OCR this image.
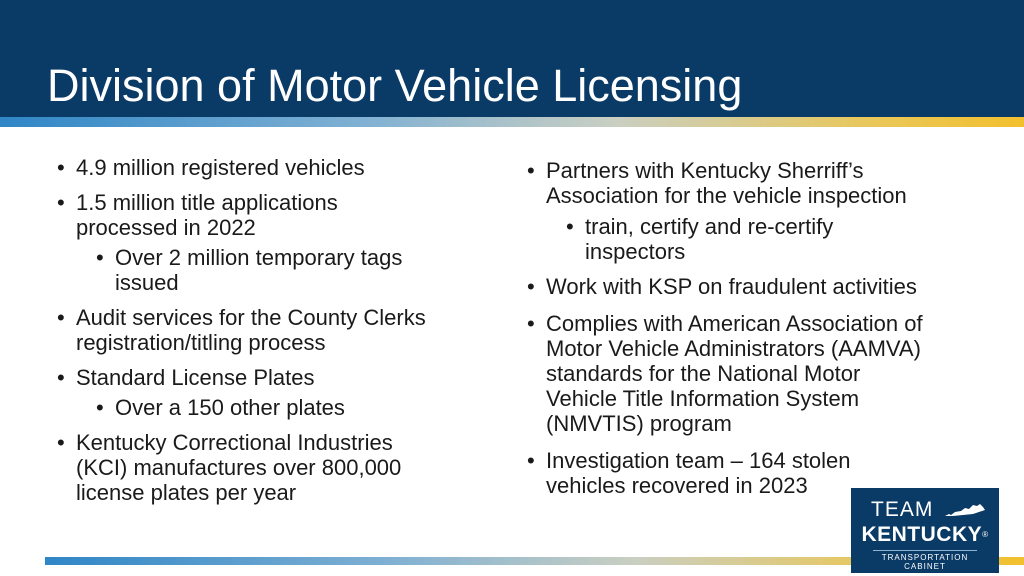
Division of Motor Vehicle Licensing
• 4.9 million registered vehicles
• 1.5 million title applications
processed in 2022
• Over 2 million temporary tags
issued
• Audit services for the County Clerks
registration/titling process
• Standard License Plates
• Over a 150 other plates
• Kentucky Correctional Industries
(KCI) manufactures over 800,000
license plates per year
• Partners with Kentucky Sherriff’s
Association for the vehicle inspection
• train, certify and re-certify
inspectors
• Work with KSP on fraudulent activities
• Complies with American Association of
Motor Vehicle Administrators (AAMVA)
standards for the National Motor
Vehicle Title Information System
(NMVTIS) program
• Investigation team – 164 stolen
vehicles recovered in 2023
TEAM
KENTUCKY®
TRANSPORTATION
CABINET
